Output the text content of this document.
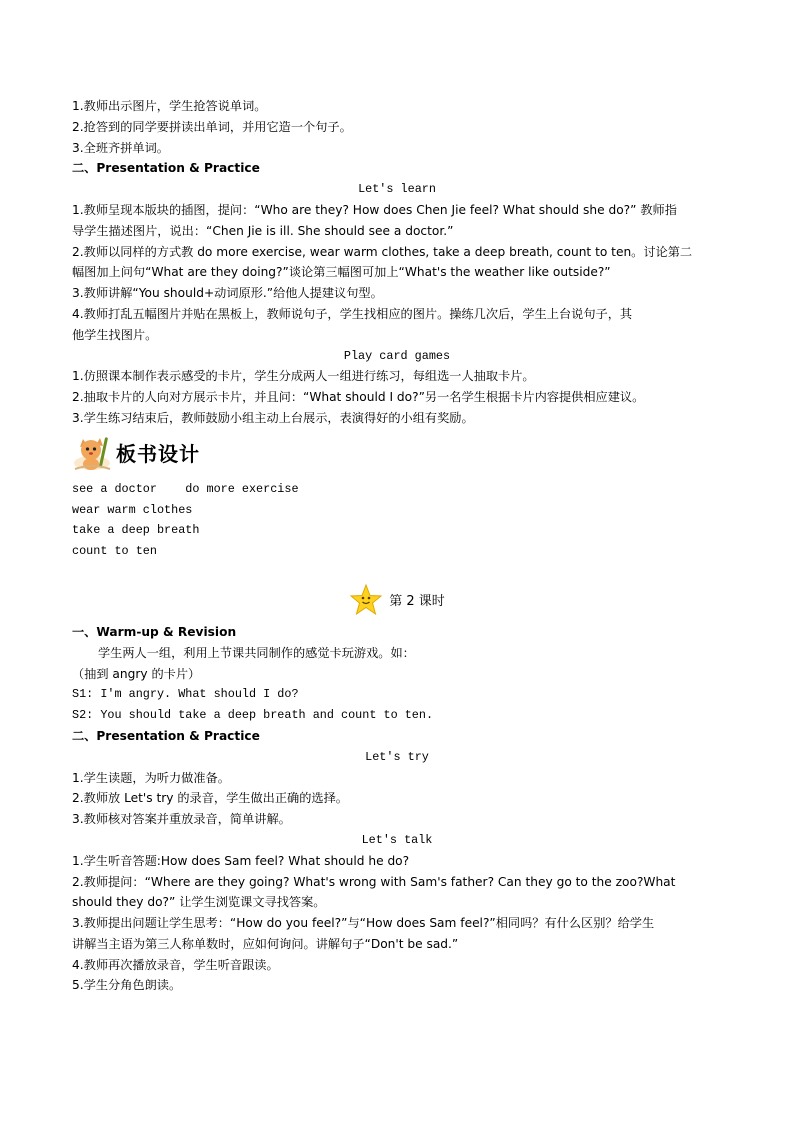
1.教师出示图片，学生抢答说单词。
2.抢答到的同学要拼读出单词，并用它造一个句子。
3.全班齐拼单词。
二、Presentation & Practice
Let's learn
1.教师呈现本版块的插图，提问：“Who are they? How does Chen Jie feel? What should she do?” 教师指
导学生描述图片，说出：“Chen Jie is ill. She should see a doctor.”
2.教师以同样的方式教 do more exercise, wear warm clothes, take a deep breath, count to ten。讨论第二
幅图加上问句“What are they doing?”谈论第三幅图可加上“What's the weather like outside?”
3.教师讲解“You should+动词原形.”给他人提建议句型。
4.教师打乱五幅图片并贴在黑板上，教师说句子，学生找相应的图片。操练几次后，学生上台说句子，其
他学生找图片。
Play card games
1.仿照课本制作表示感受的卡片，学生分成两人一组进行练习，每组选一人抽取卡片。
2.抽取卡片的人向对方展示卡片，并且问：“What should I do?”另一名学生根据卡片内容提供相应建议。
3.学生练习结束后，教师鼓励小组主动上台展示，表演得好的小组有奖励。
板书设计
see a doctor    do more exercise
wear warm clothes
take a deep breath
count to ten
第 2 课时
一、Warm-up & Revision
学生两人一组，利用上节课共同制作的感觉卡玩游戏。如：
（抽到 angry 的卡片）
S1: I'm angry. What should I do?
S2: You should take a deep breath and count to ten.
二、Presentation & Practice
Let's try
1.学生读题，为听力做准备。
2.教师放 Let's try 的录音，学生做出正确的选择。
3.教师核对答案并重放录音，简单讲解。
Let's talk
1.学生听音答题:How does Sam feel? What should he do?
2.教师提问：“Where are they going? What's wrong with Sam's father? Can they go to the zoo?What
should they do?” 让学生浏览课文寻找答案。
3.教师提出问题让学生思考：“How do you feel?”与“How does Sam feel?”相同吗？有什么区别？给学生
讲解当主语为第三人称单数时，应如何询问。讲解句子“Don't be sad.”
4.教师再次播放录音，学生听音跟读。
5.学生分角色朗读。
